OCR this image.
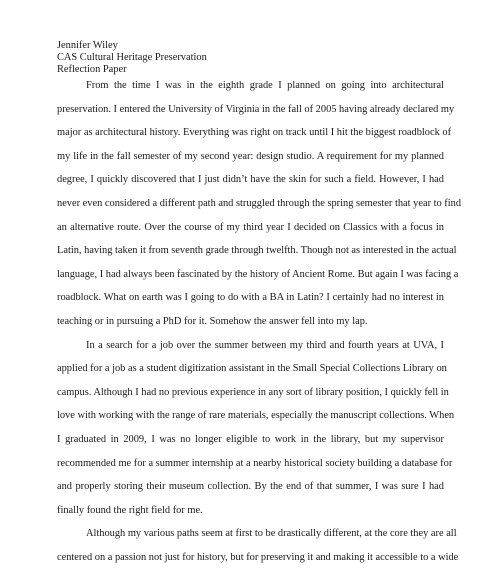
Jennifer Wiley
CAS Cultural Heritage Preservation
Reflection Paper
From the time I was in the eighth grade I planned on going into architectural
preservation. I entered the University of Virginia in the fall of 2005 having already declared my
major as architectural history. Everything was right on track until I hit the biggest roadblock of
my life in the fall semester of my second year: design studio. A requirement for my planned
degree, I quickly discovered that I just didn’t have the skin for such a field. However, I had
never even considered a different path and struggled through the spring semester that year to find
an alternative route. Over the course of my third year I decided on Classics with a focus in
Latin, having taken it from seventh grade through twelfth. Though not as interested in the actual
language, I had always been fascinated by the history of Ancient Rome. But again I was facing a
roadblock. What on earth was I going to do with a BA in Latin? I certainly had no interest in
teaching or in pursuing a PhD for it. Somehow the answer fell into my lap.
In a search for a job over the summer between my third and fourth years at UVA, I
applied for a job as a student digitization assistant in the Small Special Collections Library on
campus. Although I had no previous experience in any sort of library position, I quickly fell in
love with working with the range of rare materials, especially the manuscript collections. When
I graduated in 2009, I was no longer eligible to work in the library, but my supervisor
recommended me for a summer internship at a nearby historical society building a database for
and properly storing their museum collection. By the end of that summer, I was sure I had
finally found the right field for me.
Although my various paths seem at first to be drastically different, at the core they are all
centered on a passion not just for history, but for preserving it and making it accessible to a wide
